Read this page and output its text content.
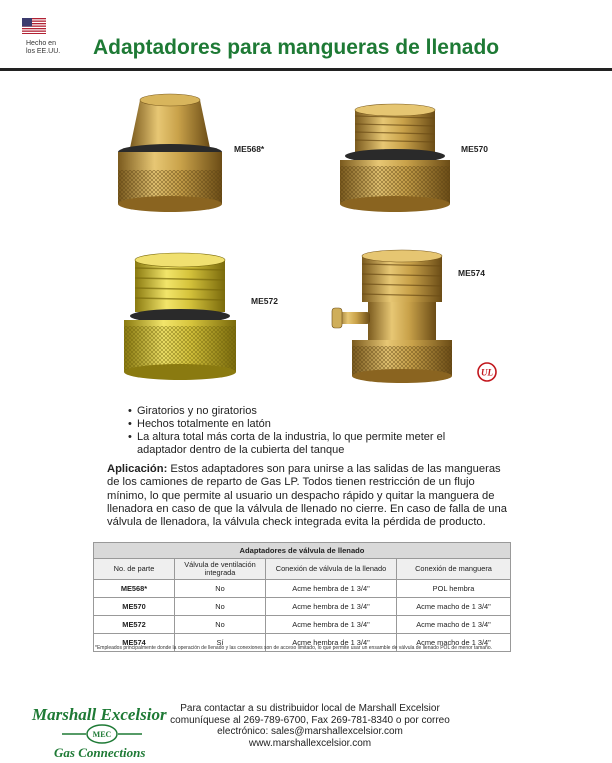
Hecho en
los EE.UU. Adaptadores para mangueras de llenado
UL
ME568*	ME570
ME572
ME574
• Giratorios y no giratorios
• Hechos totalmente en latón
• La altura total más corta de la industria, lo que permite meter el adaptador dentro de la cubierta del tanque
Aplicación: Estos adaptadores son para unirse a las salidas de las mangueras de los camiones de reparto de Gas LP. Todos tienen restricción de un flujo mínimo, lo que permite al usuario un despacho rápido y quitar la manguera de llenadora en caso de que la válvula de llenado no cierre. En caso de falla de una válvula de llenadora, la válvula check integrada evita la pérdida de producto.
Adaptadores de válvula de llenado			
No. de parte	Válvula de ventilación integrada	Conexión de válvula de la llenado	Conexión de manguera
ME568*	No	Acme hembra de 1 3/4"	POL hembra
ME570	No	Acme hembra de 1 3/4"	Acme macho de 1 3/4"
ME572	No	Acme hembra de 1 3/4"	Acme macho de 1 3/4"
ME574	Sí	Acme hembra de 1 3/4"	Acme macho de 1 3/4"
*Empleados principalmente donde la operación de llenado y las conexiones son de acceso limitado, lo que permite usar un ensamble de válvula de llenado POL de menor tamaño.
Marshall Excelsior
MEC
Gas Connections
Para contactar a su distribuidor local de Marshall Excelsior
comuníquese al 269-789-6700, Fax 269-781-8340 o por correo
electrónico: sales@marshallexcelsior.com
www.marshallexcelsior.com
